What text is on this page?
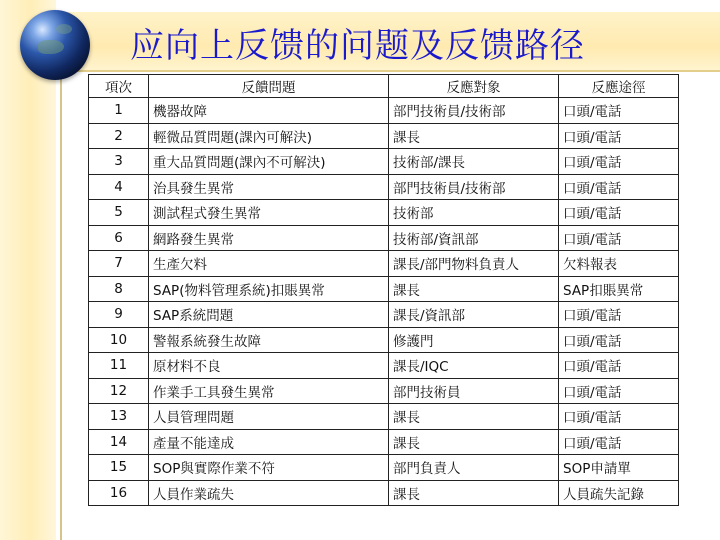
应向上反馈的问题及反馈路径
項次	反饋問題	反應對象	反應途徑
1	機器故障	部門技術員/技術部	口頭/電話
2	輕微品質問題(課內可解決)	課長	口頭/電話
3	重大品質問題(課內不可解決)	技術部/課長	口頭/電話
4	治具發生異常	部門技術員/技術部	口頭/電話
5	測試程式發生異常	技術部	口頭/電話
6	網路發生異常	技術部/資訊部	口頭/電話
7	生產欠料	課長/部門物料負責人	欠料報表
8	SAP(物料管理系統)扣賬異常	課長	SAP扣賬異常
9	SAP系統問題	課長/資訊部	口頭/電話
10	警報系統發生故障	修護門	口頭/電話
11	原材料不良	課長/IQC	口頭/電話
12	作業手工具發生異常	部門技術員	口頭/電話
13	人員管理問題	課長	口頭/電話
14	產量不能達成	課長	口頭/電話
15	SOP與實際作業不符	部門負責人	SOP申請單
16	人員作業疏失	課長	人員疏失記錄
